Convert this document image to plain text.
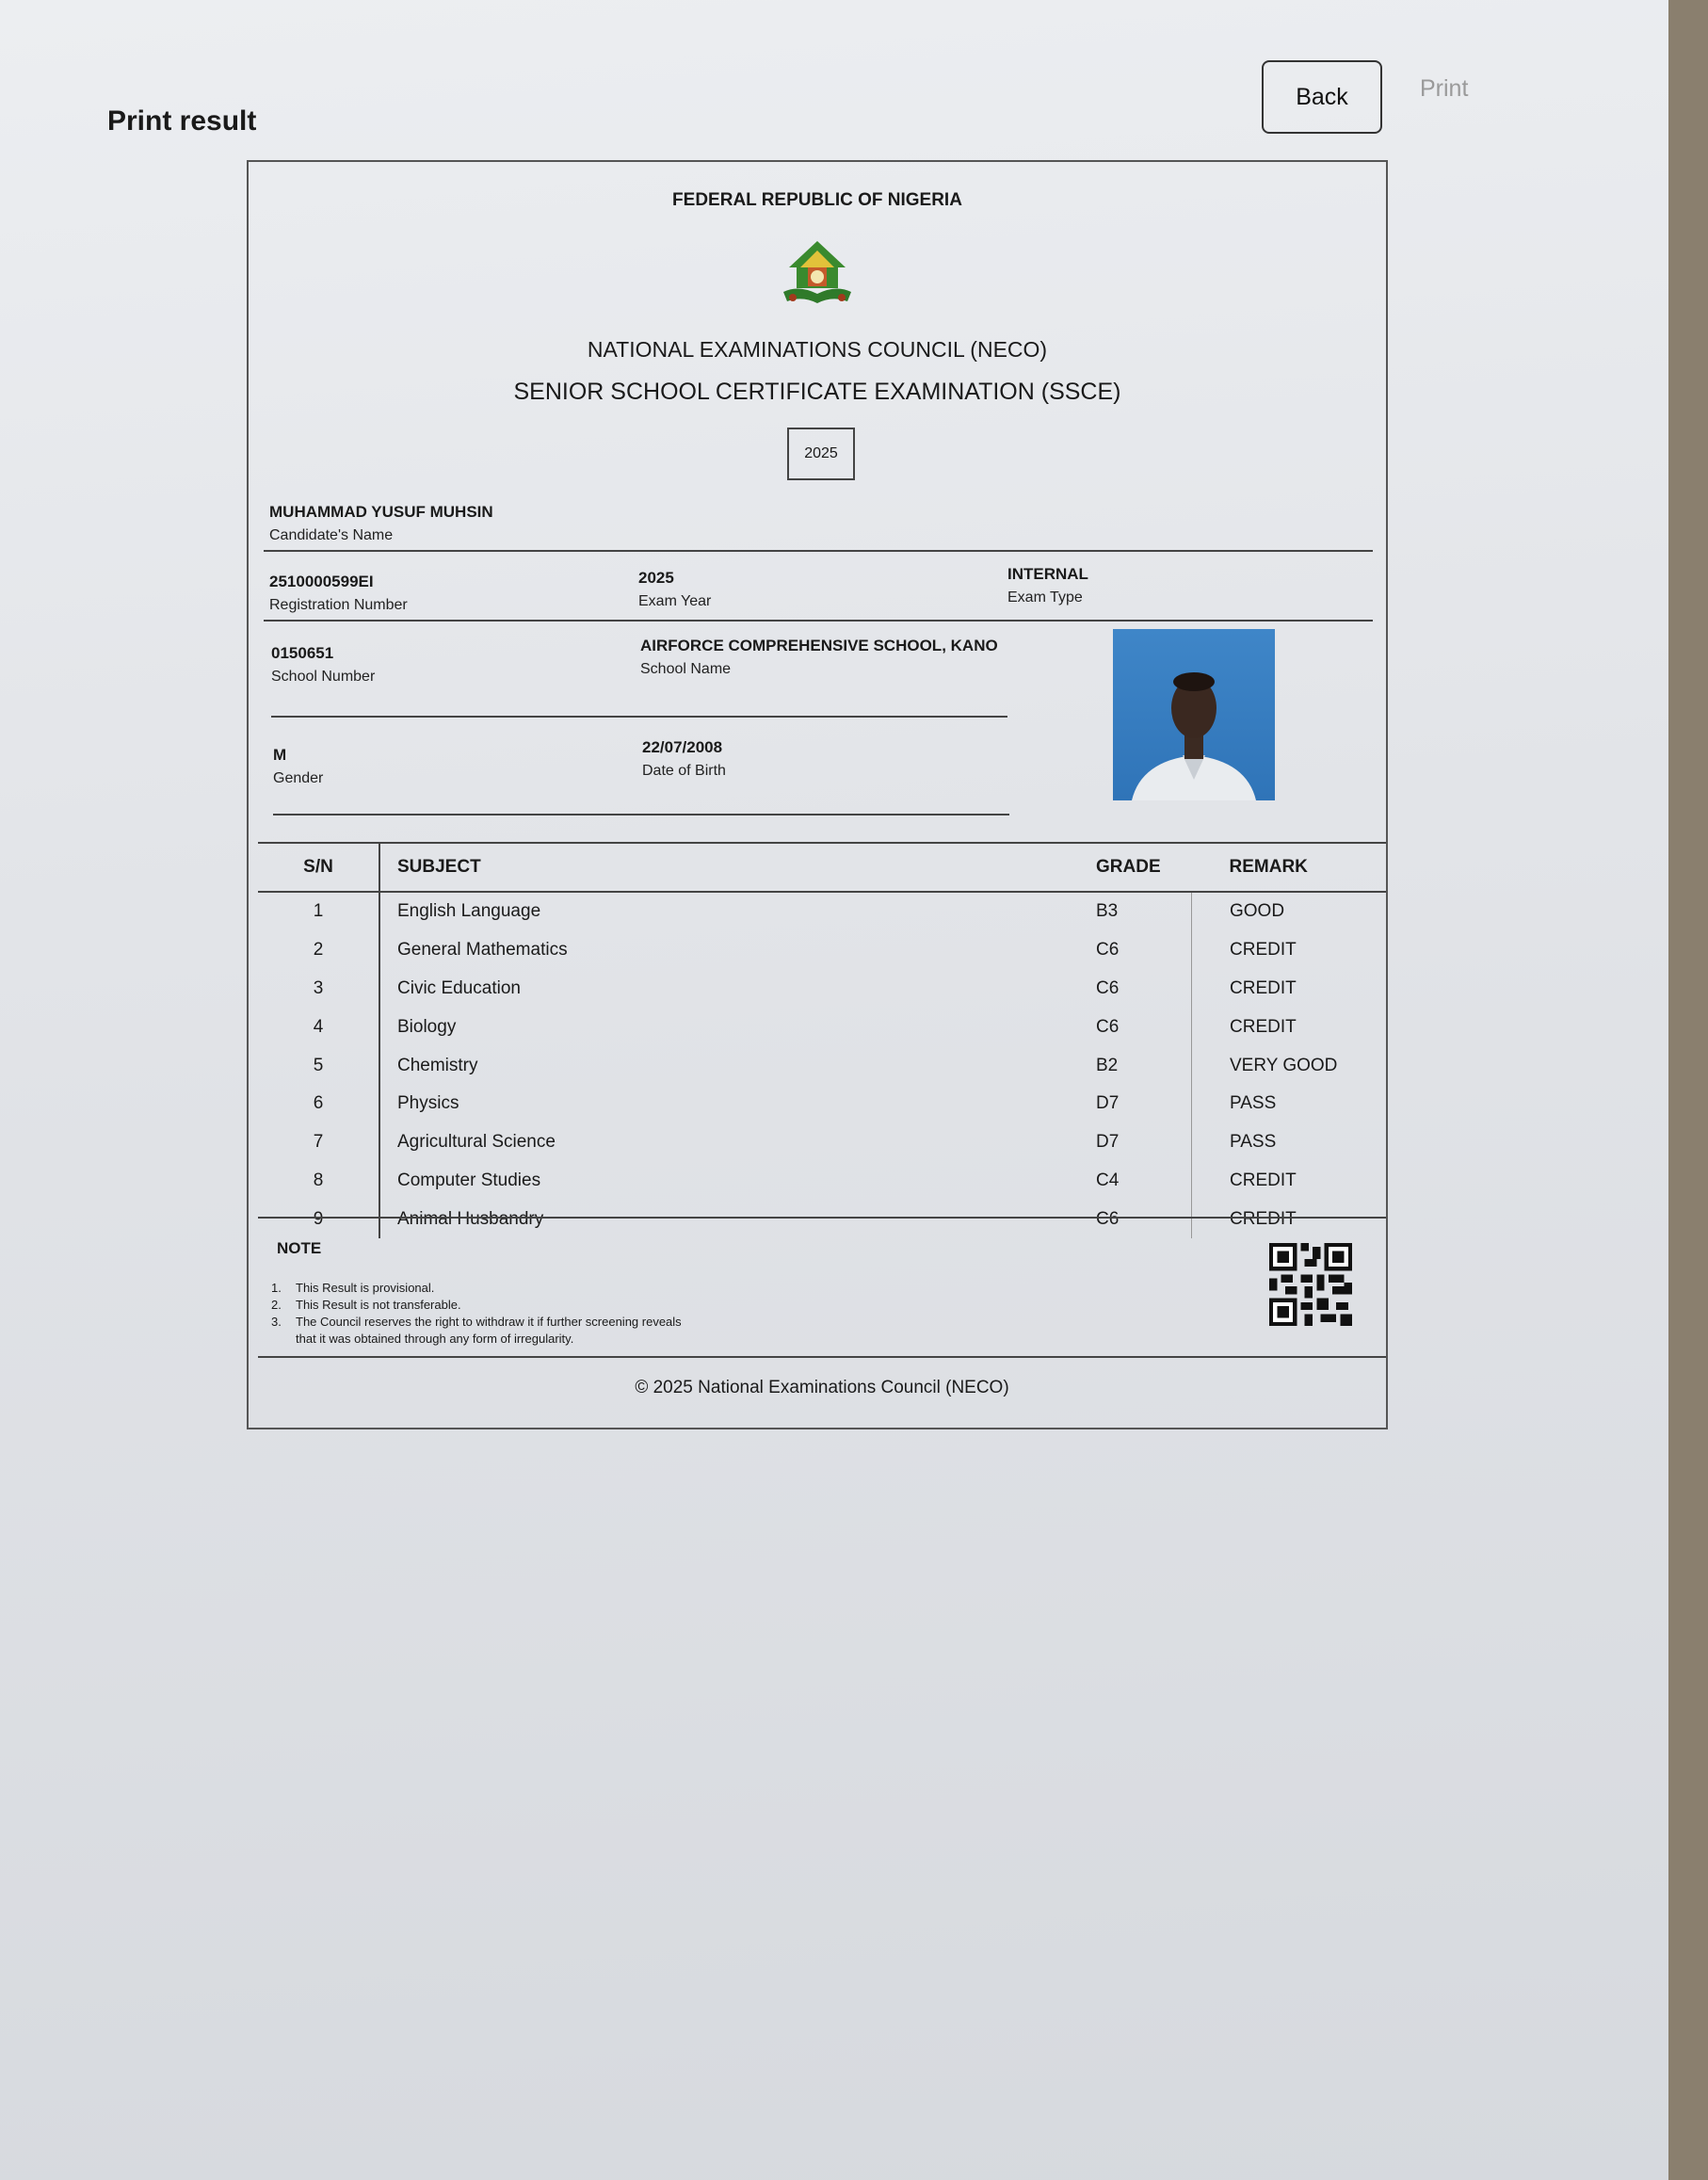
Print result
Back	Print
FEDERAL REPUBLIC OF NIGERIA
NATIONAL EXAMINATIONS COUNCIL (NECO)
SENIOR SCHOOL CERTIFICATE EXAMINATION (SSCE)
2025
MUHAMMAD YUSUF MUHSIN
Candidate's Name
2510000599EI
Registration Number
2025
Exam Year
INTERNAL
Exam Type
0150651
School Number
AIRFORCE COMPREHENSIVE SCHOOL, KANO
School Name
M
Gender
22/07/2008
Date of Birth
S/N	SUBJECT	GRADE	REMARK
1	English Language	B3	GOOD
2	General Mathematics	C6	CREDIT
3	Civic Education	C6	CREDIT
4	Biology	C6	CREDIT
5	Chemistry	B2	VERY GOOD
6	Physics	D7	PASS
7	Agricultural Science	D7	PASS
8	Computer Studies	C4	CREDIT
9	Animal Husbandry	C6	CREDIT
NOTE
1. This Result is provisional.
2. This Result is not transferable.
3. The Council reserves the right to withdraw it if further screening reveals
that it was obtained through any form of irregularity.
© 2025 National Examinations Council (NECO)
